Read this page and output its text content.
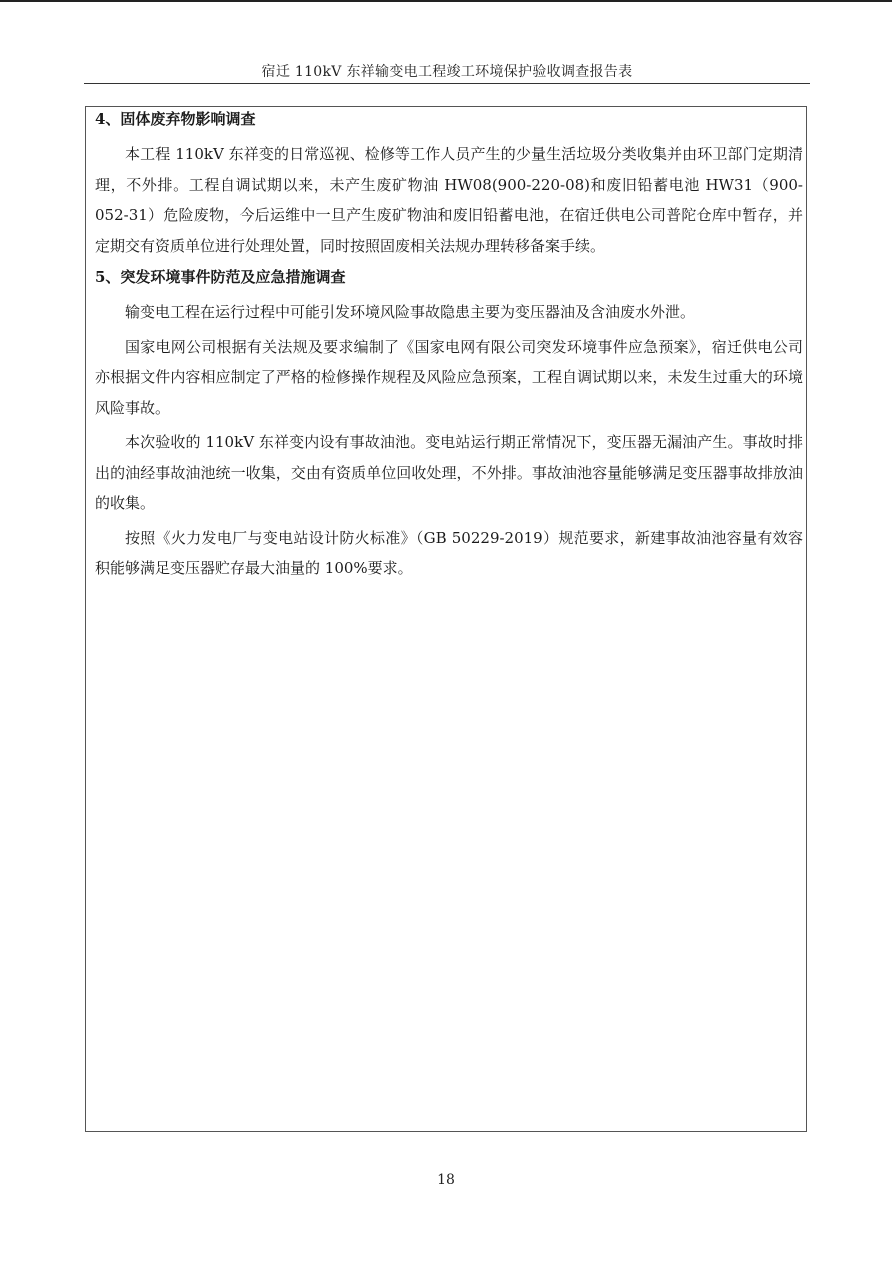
宿迁 110kV 东祥输变电工程竣工环境保护验收调查报告表

4、固体废弃物影响调查

本工程 110kV 东祥变的日常巡视、检修等工作人员产生的少量生活垃圾分类收集并由环卫部门定期清理，不外排。工程自调试期以来，未产生废矿物油 HW08(900-220-08)和废旧铅蓄电池 HW31（900-052-31）危险废物，今后运维中一旦产生废矿物油和废旧铅蓄电池，在宿迁供电公司普陀仓库中暂存，并定期交有资质单位进行处理处置，同时按照固废相关法规办理转移备案手续。

5、突发环境事件防范及应急措施调查

输变电工程在运行过程中可能引发环境风险事故隐患主要为变压器油及含油废水外泄。

国家电网公司根据有关法规及要求编制了《国家电网有限公司突发环境事件应急预案》，宿迁供电公司亦根据文件内容相应制定了严格的检修操作规程及风险应急预案，工程自调试期以来，未发生过重大的环境风险事故。

本次验收的 110kV 东祥变内设有事故油池。变电站运行期正常情况下，变压器无漏油产生。事故时排出的油经事故油池统一收集，交由有资质单位回收处理，不外排。事故油池容量能够满足变压器事故排放油的收集。

按照《火力发电厂与变电站设计防火标准》（GB 50229-2019）规范要求，新建事故油池容量有效容积能够满足变压器贮存最大油量的 100%要求。

18
